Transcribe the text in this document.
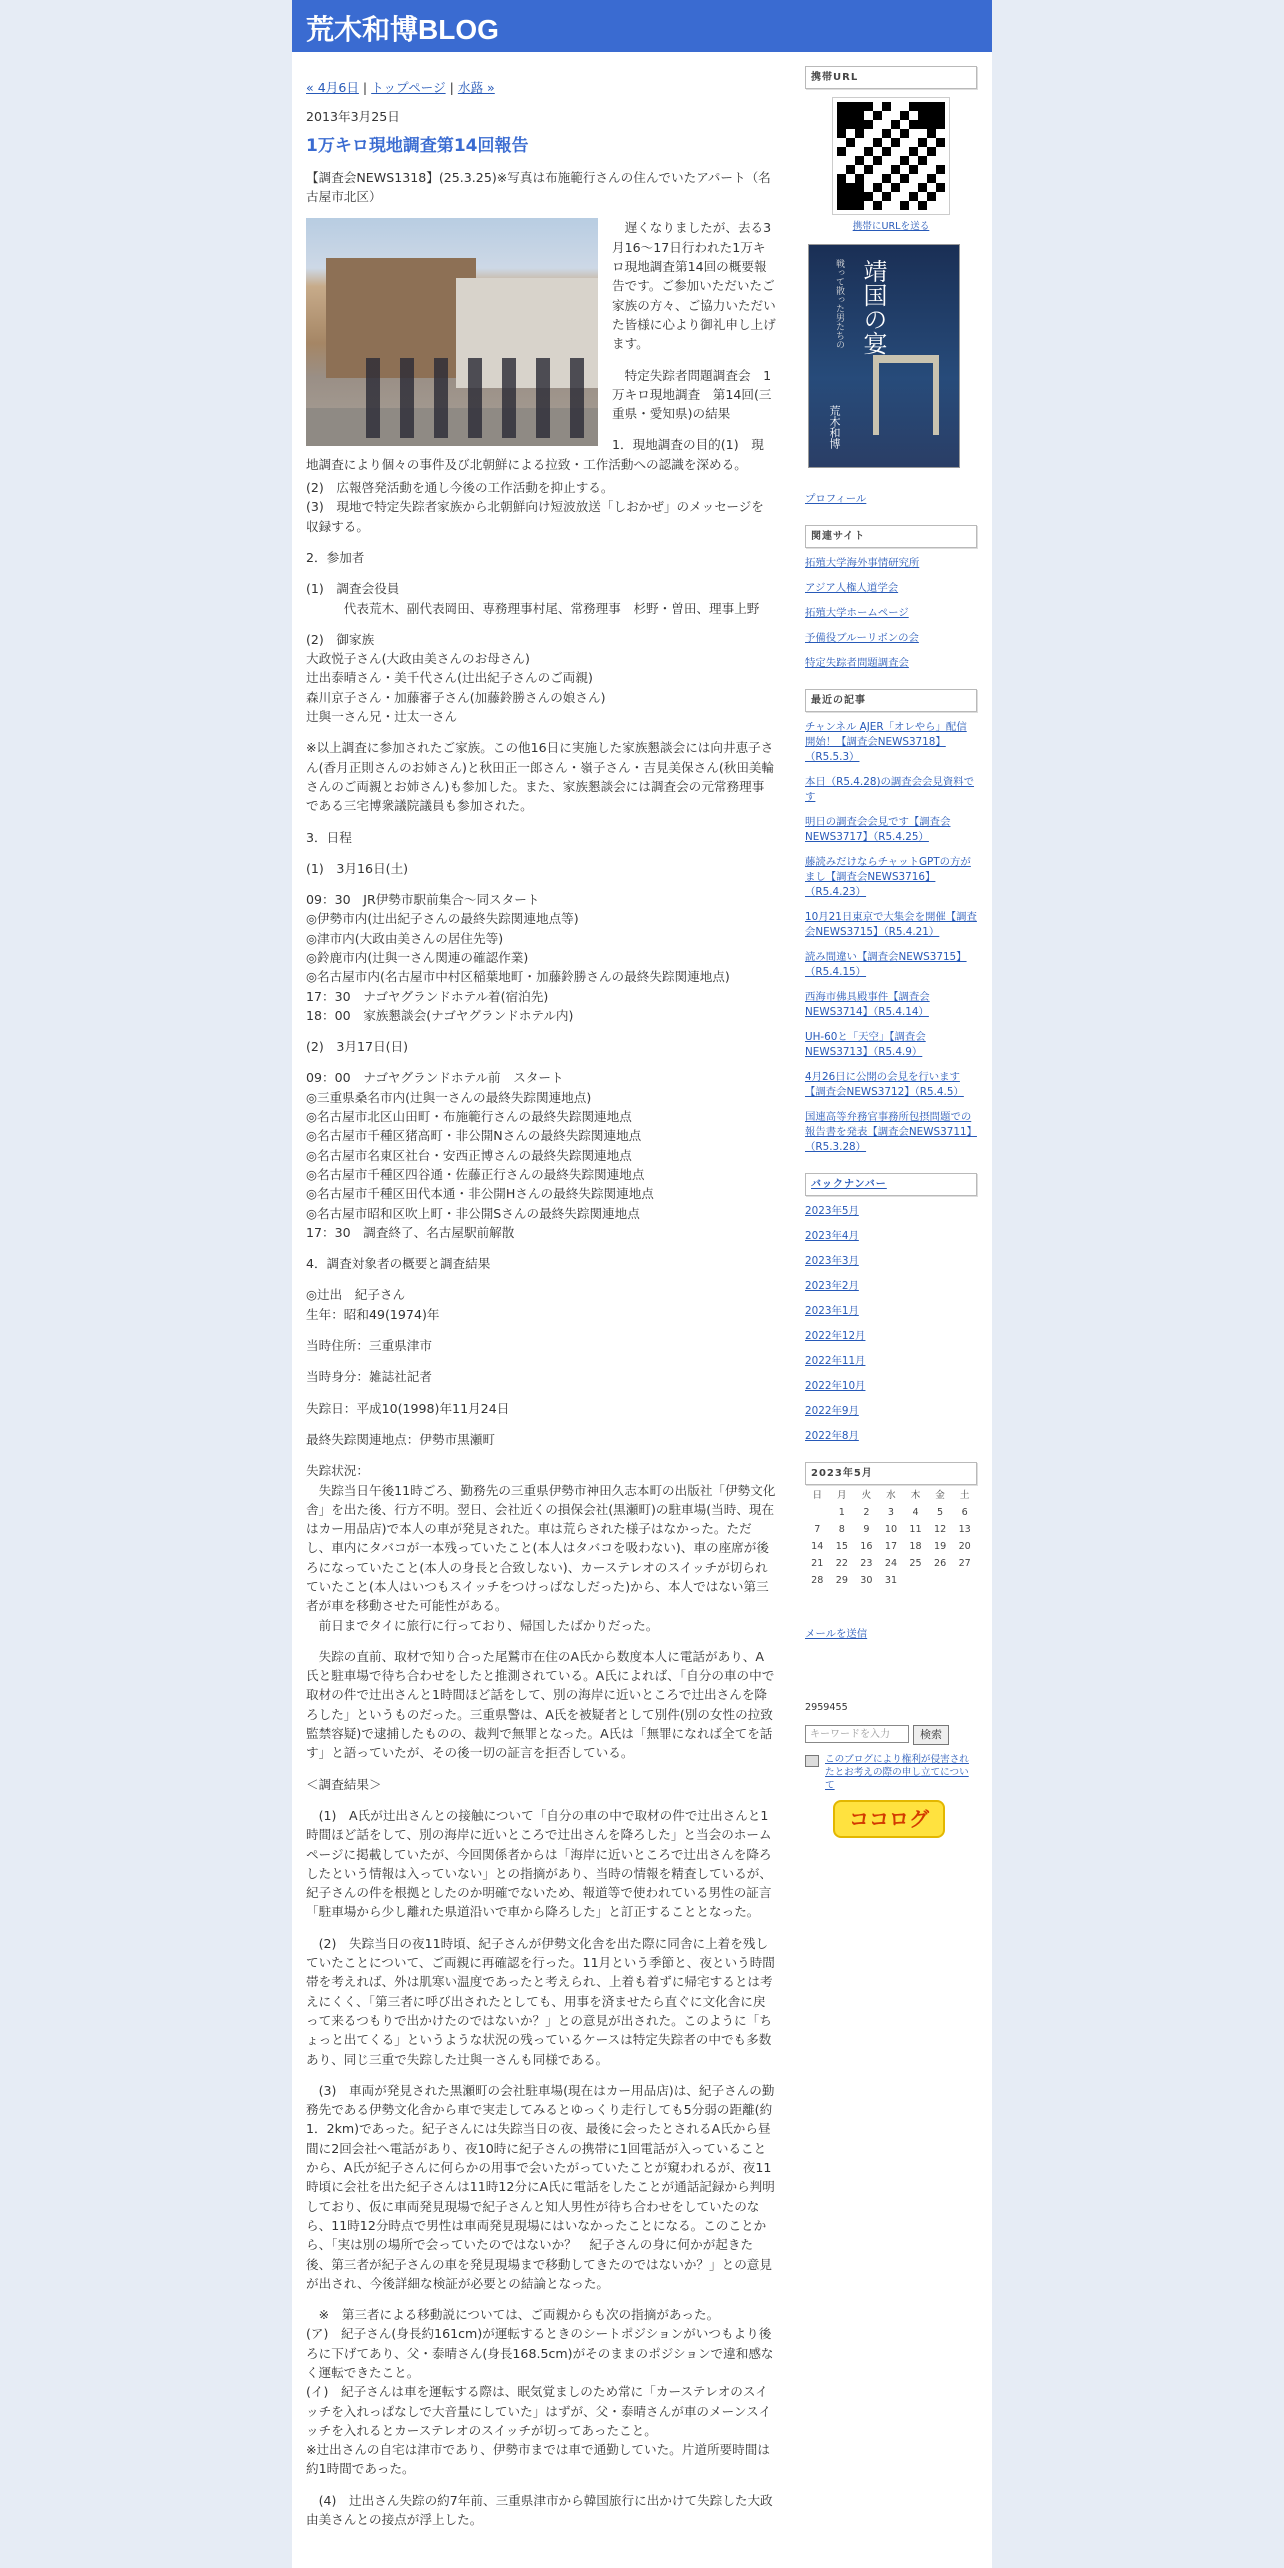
荒木和博BLOG
« 4月6日 | トップページ | 水蕗 »
2013年3月25日
1万キロ現地調査第14回報告
【調査会NEWS1318】(25.3.25)※写真は布施範行さんの住んでいたアパート（名古屋市北区）
　遅くなりましたが、去る3月16〜17日行われた1万キロ現地調査第14回の概要報告です。ご参加いただいたご家族の方々、ご協力いただいた皆様に心より御礼申し上げます。
　特定失踪者問題調査会　1万キロ現地調査　第14回(三重県・愛知県)の結果
1．現地調査の目的(1)　現地調査により個々の事件及び北朝鮮による拉致・工作活動への認識を深める。
(2)　広報啓発活動を通し今後の工作活動を抑止する。
(3)　現地で特定失踪者家族から北朝鮮向け短波放送「しおかぜ」のメッセージを収録する。
2．参加者
(1)　調査会役員
　　　代表荒木、副代表岡田、専務理事村尾、常務理事　杉野・曽田、理事上野
(2)　御家族
大政悦子さん(大政由美さんのお母さん)
辻出泰晴さん・美千代さん(辻出紀子さんのご両親)
森川京子さん・加藤審子さん(加藤鈴勝さんの娘さん)
辻與一さん兄・辻太一さん
※以上調査に参加されたご家族。この他16日に実施した家族懇談会には向井恵子さん(香月正則さんのお姉さん)と秋田正一郎さん・嶺子さん・吉見美保さん(秋田美輪さんのご両親とお姉さん)も参加した。また、家族懇談会には調査会の元常務理事である三宅博衆議院議員も参加された。
3．日程
(1)　3月16日(土)
09：30　JR伊勢市駅前集合〜同スタート
◎伊勢市内(辻出紀子さんの最終失踪関連地点等)
◎津市内(大政由美さんの居住先等)
◎鈴鹿市内(辻與一さん関連の確認作業)
◎名古屋市内(名古屋市中村区稲葉地町・加藤鈴勝さんの最終失踪関連地点)
17：30　ナゴヤグランドホテル着(宿泊先)
18：00　家族懇談会(ナゴヤグランドホテル内)
(2)　3月17日(日)
09：00　ナゴヤグランドホテル前　スタート
◎三重県桑名市内(辻與一さんの最終失踪関連地点)
◎名古屋市北区山田町・布施範行さんの最終失踪関連地点
◎名古屋市千種区猪高町・非公開Nさんの最終失踪関連地点
◎名古屋市名東区社台・安西正博さんの最終失踪関連地点
◎名古屋市千種区四谷通・佐藤正行さんの最終失踪関連地点
◎名古屋市千種区田代本通・非公開Hさんの最終失踪関連地点
◎名古屋市昭和区吹上町・非公開Sさんの最終失踪関連地点
17：30　調査終了、名古屋駅前解散
4．調査対象者の概要と調査結果
◎辻出　紀子さん
生年：昭和49(1974)年
当時住所：三重県津市
当時身分：雑誌社記者
失踪日：平成10(1998)年11月24日
最終失踪関連地点：伊勢市黒瀬町
失踪状況：
　失踪当日午後11時ごろ、勤務先の三重県伊勢市神田久志本町の出版社「伊勢文化舎」を出た後、行方不明。翌日、会社近くの損保会社(黒瀬町)の駐車場(当時、現在はカー用品店)で本人の車が発見された。車は荒らされた様子はなかった。ただし、車内にタバコが一本残っていたこと(本人はタバコを吸わない)、車の座席が後ろになっていたこと(本人の身長と合致しない)、カーステレオのスイッチが切られていたこと(本人はいつもスイッチをつけっぱなしだった)から、本人ではない第三者が車を移動させた可能性がある。
　前日までタイに旅行に行っており、帰国したばかりだった。
　失踪の直前、取材で知り合った尾鷲市在住のA氏から数度本人に電話があり、A氏と駐車場で待ち合わせをしたと推測されている。A氏によれば、「自分の車の中で取材の件で辻出さんと1時間ほど話をして、別の海岸に近いところで辻出さんを降ろした」というものだった。三重県警は、A氏を被疑者として別件(別の女性の拉致監禁容疑)で逮捕したものの、裁判で無罪となった。A氏は「無罪になれば全てを話す」と語っていたが、その後一切の証言を拒否している。
＜調査結果＞
　(1)　A氏が辻出さんとの接触について「自分の車の中で取材の件で辻出さんと1時間ほど話をして、別の海岸に近いところで辻出さんを降ろした」と当会のホームページに掲載していたが、今回関係者からは「海岸に近いところで辻出さんを降ろしたという情報は入っていない」との指摘があり、当時の情報を精査しているが、紀子さんの件を根拠としたのか明確でないため、報道等で使われている男性の証言「駐車場から少し離れた県道沿いで車から降ろした」と訂正することとなった。
　(2)　失踪当日の夜11時頃、紀子さんが伊勢文化舎を出た際に同舎に上着を残していたことについて、ご両親に再確認を行った。11月という季節と、夜という時間帯を考えれば、外は肌寒い温度であったと考えられ、上着も着ずに帰宅するとは考えにくく、「第三者に呼び出されたとしても、用事を済ませたら直ぐに文化舎に戻って来るつもりで出かけたのではないか？」との意見が出された。このように「ちょっと出てくる」というような状況の残っているケースは特定失踪者の中でも多数あり、同じ三重で失踪した辻與一さんも同様である。
　(3)　車両が発見された黒瀬町の会社駐車場(現在はカー用品店)は、紀子さんの勤務先である伊勢文化舎から車で実走してみるとゆっくり走行しても5分弱の距離(約1．2km)であった。紀子さんには失踪当日の夜、最後に会ったとされるA氏から昼間に2回会社へ電話があり、夜10時に紀子さんの携帯に1回電話が入っていることから、A氏が紀子さんに何らかの用事で会いたがっていたことが窺われるが、夜11時頃に会社を出た紀子さんは11時12分にA氏に電話をしたことが通話記録から判明しており、仮に車両発見現場で紀子さんと知人男性が待ち合わせをしていたのなら、11時12分時点で男性は車両発見現場にはいなかったことになる。このことから、「実は別の場所で会っていたのではないか？　紀子さんの身に何かが起きた後、第三者が紀子さんの車を発見現場まで移動してきたのではないか？」との意見が出され、今後詳細な検証が必要との結論となった。
　※　第三者による移動説については、ご両親からも次の指摘があった。
(ア)　紀子さん(身長約161cm)が運転するときのシートポジションがいつもより後ろに下げてあり、父・泰晴さん(身長168.5cm)がそのままのポジションで違和感なく運転できたこと。
(イ)　紀子さんは車を運転する際は、眠気覚ましのため常に「カーステレオのスイッチを入れっぱなしで大音量にしていた」はずが、父・泰晴さんが車のメーンスイッチを入れるとカーステレオのスイッチが切ってあったこと。
※辻出さんの自宅は津市であり、伊勢市までは車で通勤していた。片道所要時間は約1時間であった。
　(4)　辻出さん失踪の約7年前、三重県津市から韓国旅行に出かけて失踪した大政由美さんとの接点が浮上した。
携帯URL
携帯にURLを送る
戦って散った男たちの 靖国の宴
荒木和博
プロフィール
関連サイト
拓殖大学海外事情研究所
アジア人権人道学会
拓殖大学ホームページ
予備役ブルーリボンの会
特定失踪者問題調査会
最近の記事
チャンネル AJER「オレやら」配信開始！【調査会NEWS3718】（R5.5.3）
本日（R5.4.28)の調査会会見資料です
明日の調査会会見です【調査会NEWS3717】（R5.4.25）
藤読みだけならチャットGPTの方がまし【調査会NEWS3716】（R5.4.23）
10月21日東京で大集会を開催【調査会NEWS3715】（R5.4.21）
読み間違い【調査会NEWS3715】（R5.4.15）
西海市佛具殿事件【調査会NEWS3714】（R5.4.14）
UH-60と「天空」【調査会NEWS3713】（R5.4.9）
4月26日に公開の会見を行います【調査会NEWS3712】（R5.4.5）
国連高等弁務官事務所包摂問題での報告書を発表【調査会NEWS3711】（R5.3.28）
バックナンバー
2023年5月
2023年4月
2023年3月
2023年2月
2023年1月
2022年12月
2022年11月
2022年10月
2022年9月
2022年8月
2023年5月
日	月	火	水	木	金	土
	1	2	3	4	5	6
7	8	9	10	11	12	13
14	15	16	17	18	19	20
21	22	23	24	25	26	27
28	29	30	31			
メールを送信
2959455
キーワードを入力	検索
このブログにより権利が侵害されたとお考えの際の申し立てについて
ココログ
